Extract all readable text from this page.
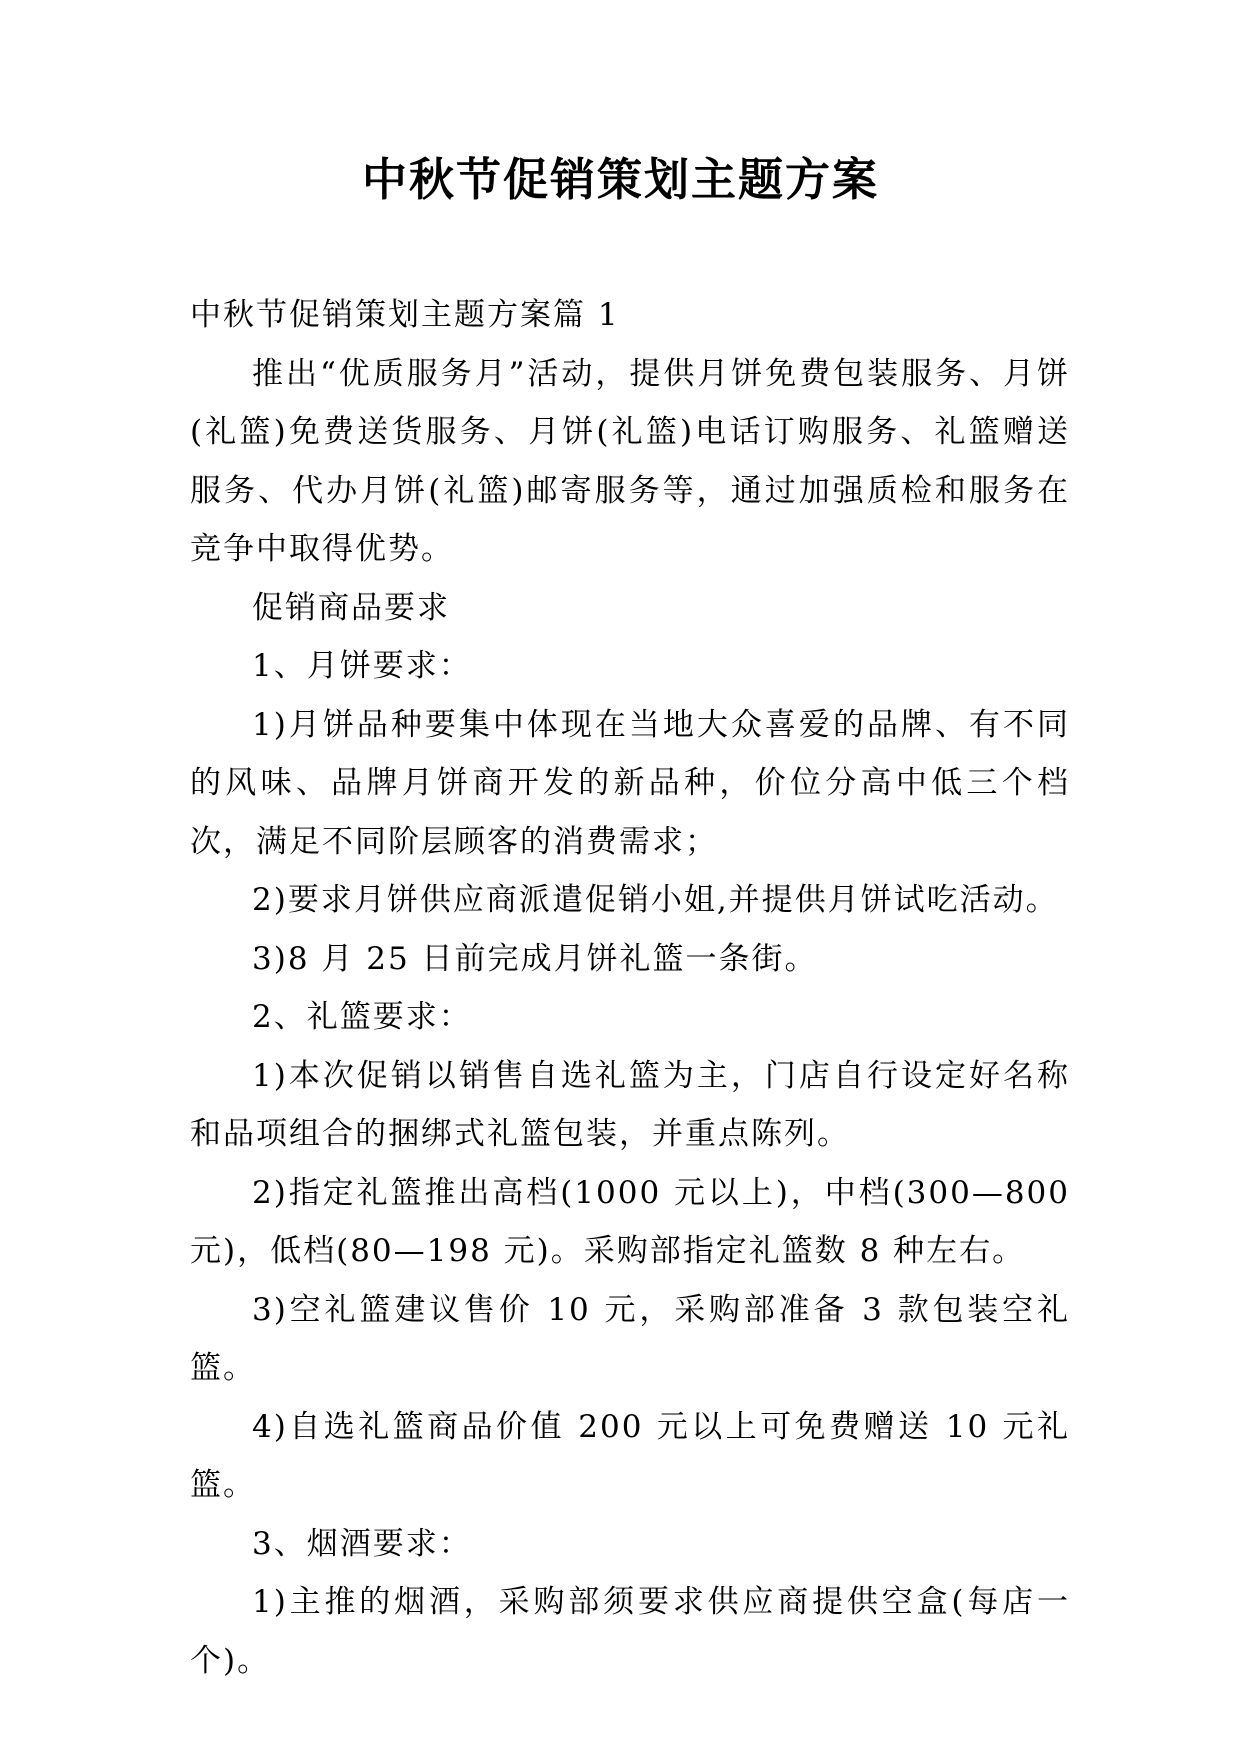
中秋节促销策划主题方案

中秋节促销策划主题方案篇 1

推出“优质服务月”活动，提供月饼免费包装服务、月饼(礼篮)免费送货服务、月饼(礼篮)电话订购服务、礼篮赠送服务、代办月饼(礼篮)邮寄服务等，通过加强质检和服务在竞争中取得优势。

促销商品要求

1、月饼要求：

1)月饼品种要集中体现在当地大众喜爱的品牌、有不同的风味、品牌月饼商开发的新品种，价位分高中低三个档次，满足不同阶层顾客的消费需求；

2)要求月饼供应商派遣促销小姐,并提供月饼试吃活动。

3)8 月 25 日前完成月饼礼篮一条街。

2、礼篮要求：

1)本次促销以销售自选礼篮为主，门店自行设定好名称和品项组合的捆绑式礼篮包装，并重点陈列。

2)指定礼篮推出高档(1000 元以上)，中档(300—800 元)，低档(80—198 元)。采购部指定礼篮数 8 种左右。

3)空礼篮建议售价 10 元，采购部准备 3 款包装空礼篮。

4)自选礼篮商品价值 200 元以上可免费赠送 10 元礼篮。

3、烟酒要求：

1)主推的烟酒，采购部须要求供应商提供空盒(每店一个)。
